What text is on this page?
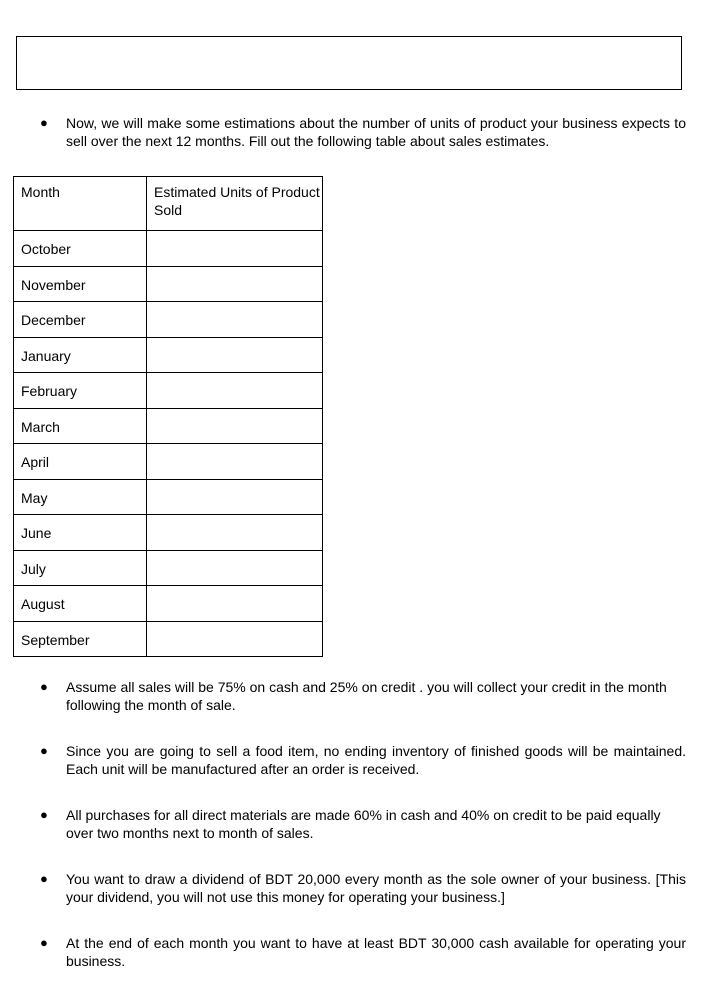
● Now, we will make some estimations about the number of units of product your business expects to sell over the next 12 months. Fill out the following table about sales estimates.
Month	Estimated Units of Product Sold
October	
November	
December	
January	
February	
March	
April	
May	
June	
July	
August	
September	
● Assume all sales will be 75% on cash and 25% on credit . you will collect your credit in the month following the month of sale.
● Since you are going to sell a food item, no ending inventory of finished goods will be maintained. Each unit will be manufactured after an order is received.
● All purchases for all direct materials are made 60% in cash and 40% on credit to be paid equally over two months next to month of sales.
● You want to draw a dividend of BDT 20,000 every month as the sole owner of your business. [This your dividend, you will not use this money for operating your business.]
● At the end of each month you want to have at least BDT 30,000 cash available for operating your business.
